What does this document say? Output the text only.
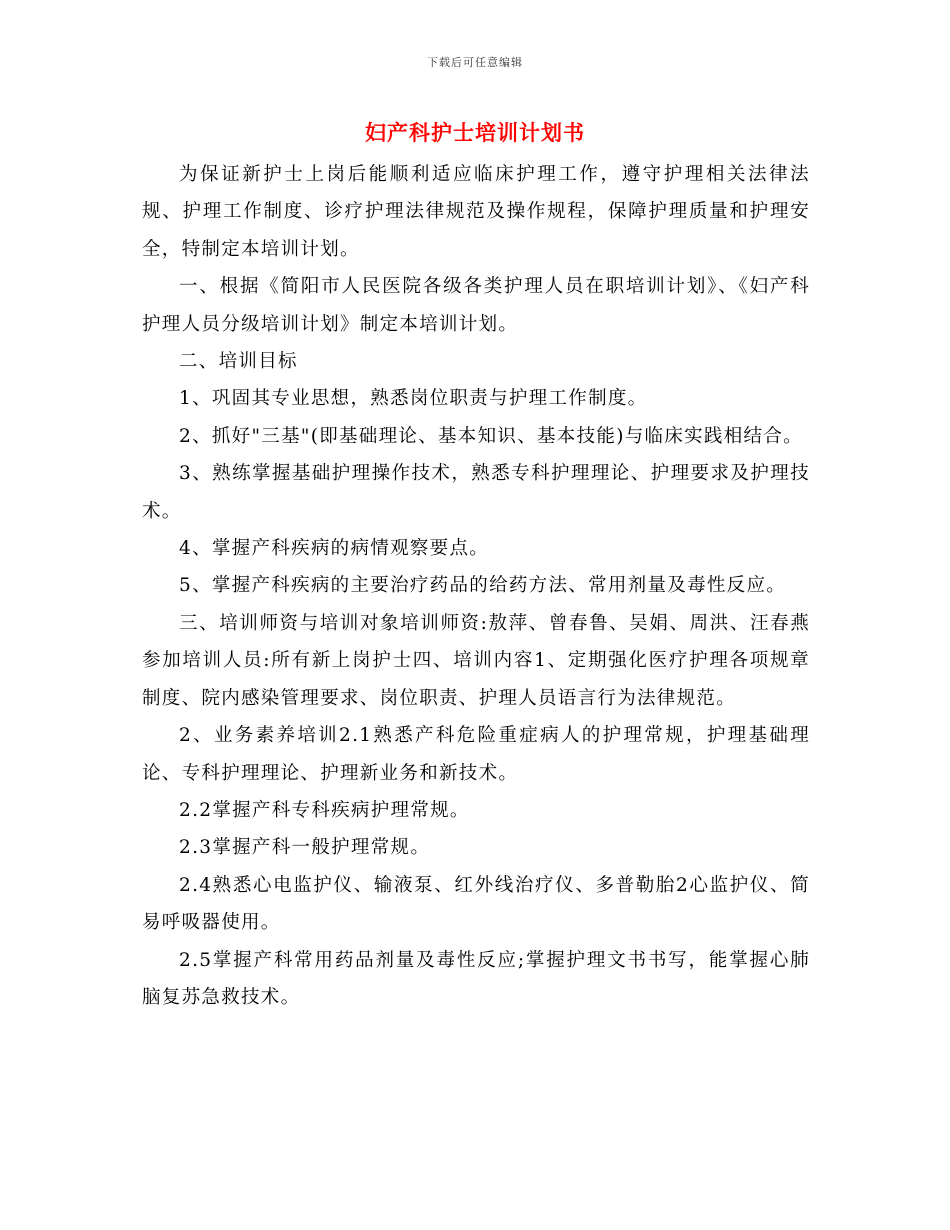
下载后可任意编辑
妇产科护士培训计划书

为保证新护士上岗后能顺利适应临床护理工作，遵守护理相关法律法规、护理工作制度、诊疗护理法律规范及操作规程，保障护理质量和护理安全，特制定本培训计划。

一、根据《简阳市人民医院各级各类护理人员在职培训计划》、《妇产科护理人员分级培训计划》制定本培训计划。

二、培训目标

1、巩固其专业思想，熟悉岗位职责与护理工作制度。

2、抓好"三基"(即基础理论、基本知识、基本技能)与临床实践相结合。

3、熟练掌握基础护理操作技术，熟悉专科护理理论、护理要求及护理技术。

4、掌握产科疾病的病情观察要点。

5、掌握产科疾病的主要治疗药品的给药方法、常用剂量及毒性反应。

三、培训师资与培训对象培训师资:敖萍、曾春鲁、吴娟、周洪、汪春燕参加培训人员:所有新上岗护士四、培训内容1、定期强化医疗护理各项规章制度、院内感染管理要求、岗位职责、护理人员语言行为法律规范。

2、业务素养培训2.1熟悉产科危险重症病人的护理常规，护理基础理论、专科护理理论、护理新业务和新技术。

2.2掌握产科专科疾病护理常规。

2.3掌握产科一般护理常规。

2.4熟悉心电监护仪、输液泵、红外线治疗仪、多普勒胎2心监护仪、简易呼吸器使用。

2.5掌握产科常用药品剂量及毒性反应;掌握护理文书书写，能掌握心肺脑复苏急救技术。
